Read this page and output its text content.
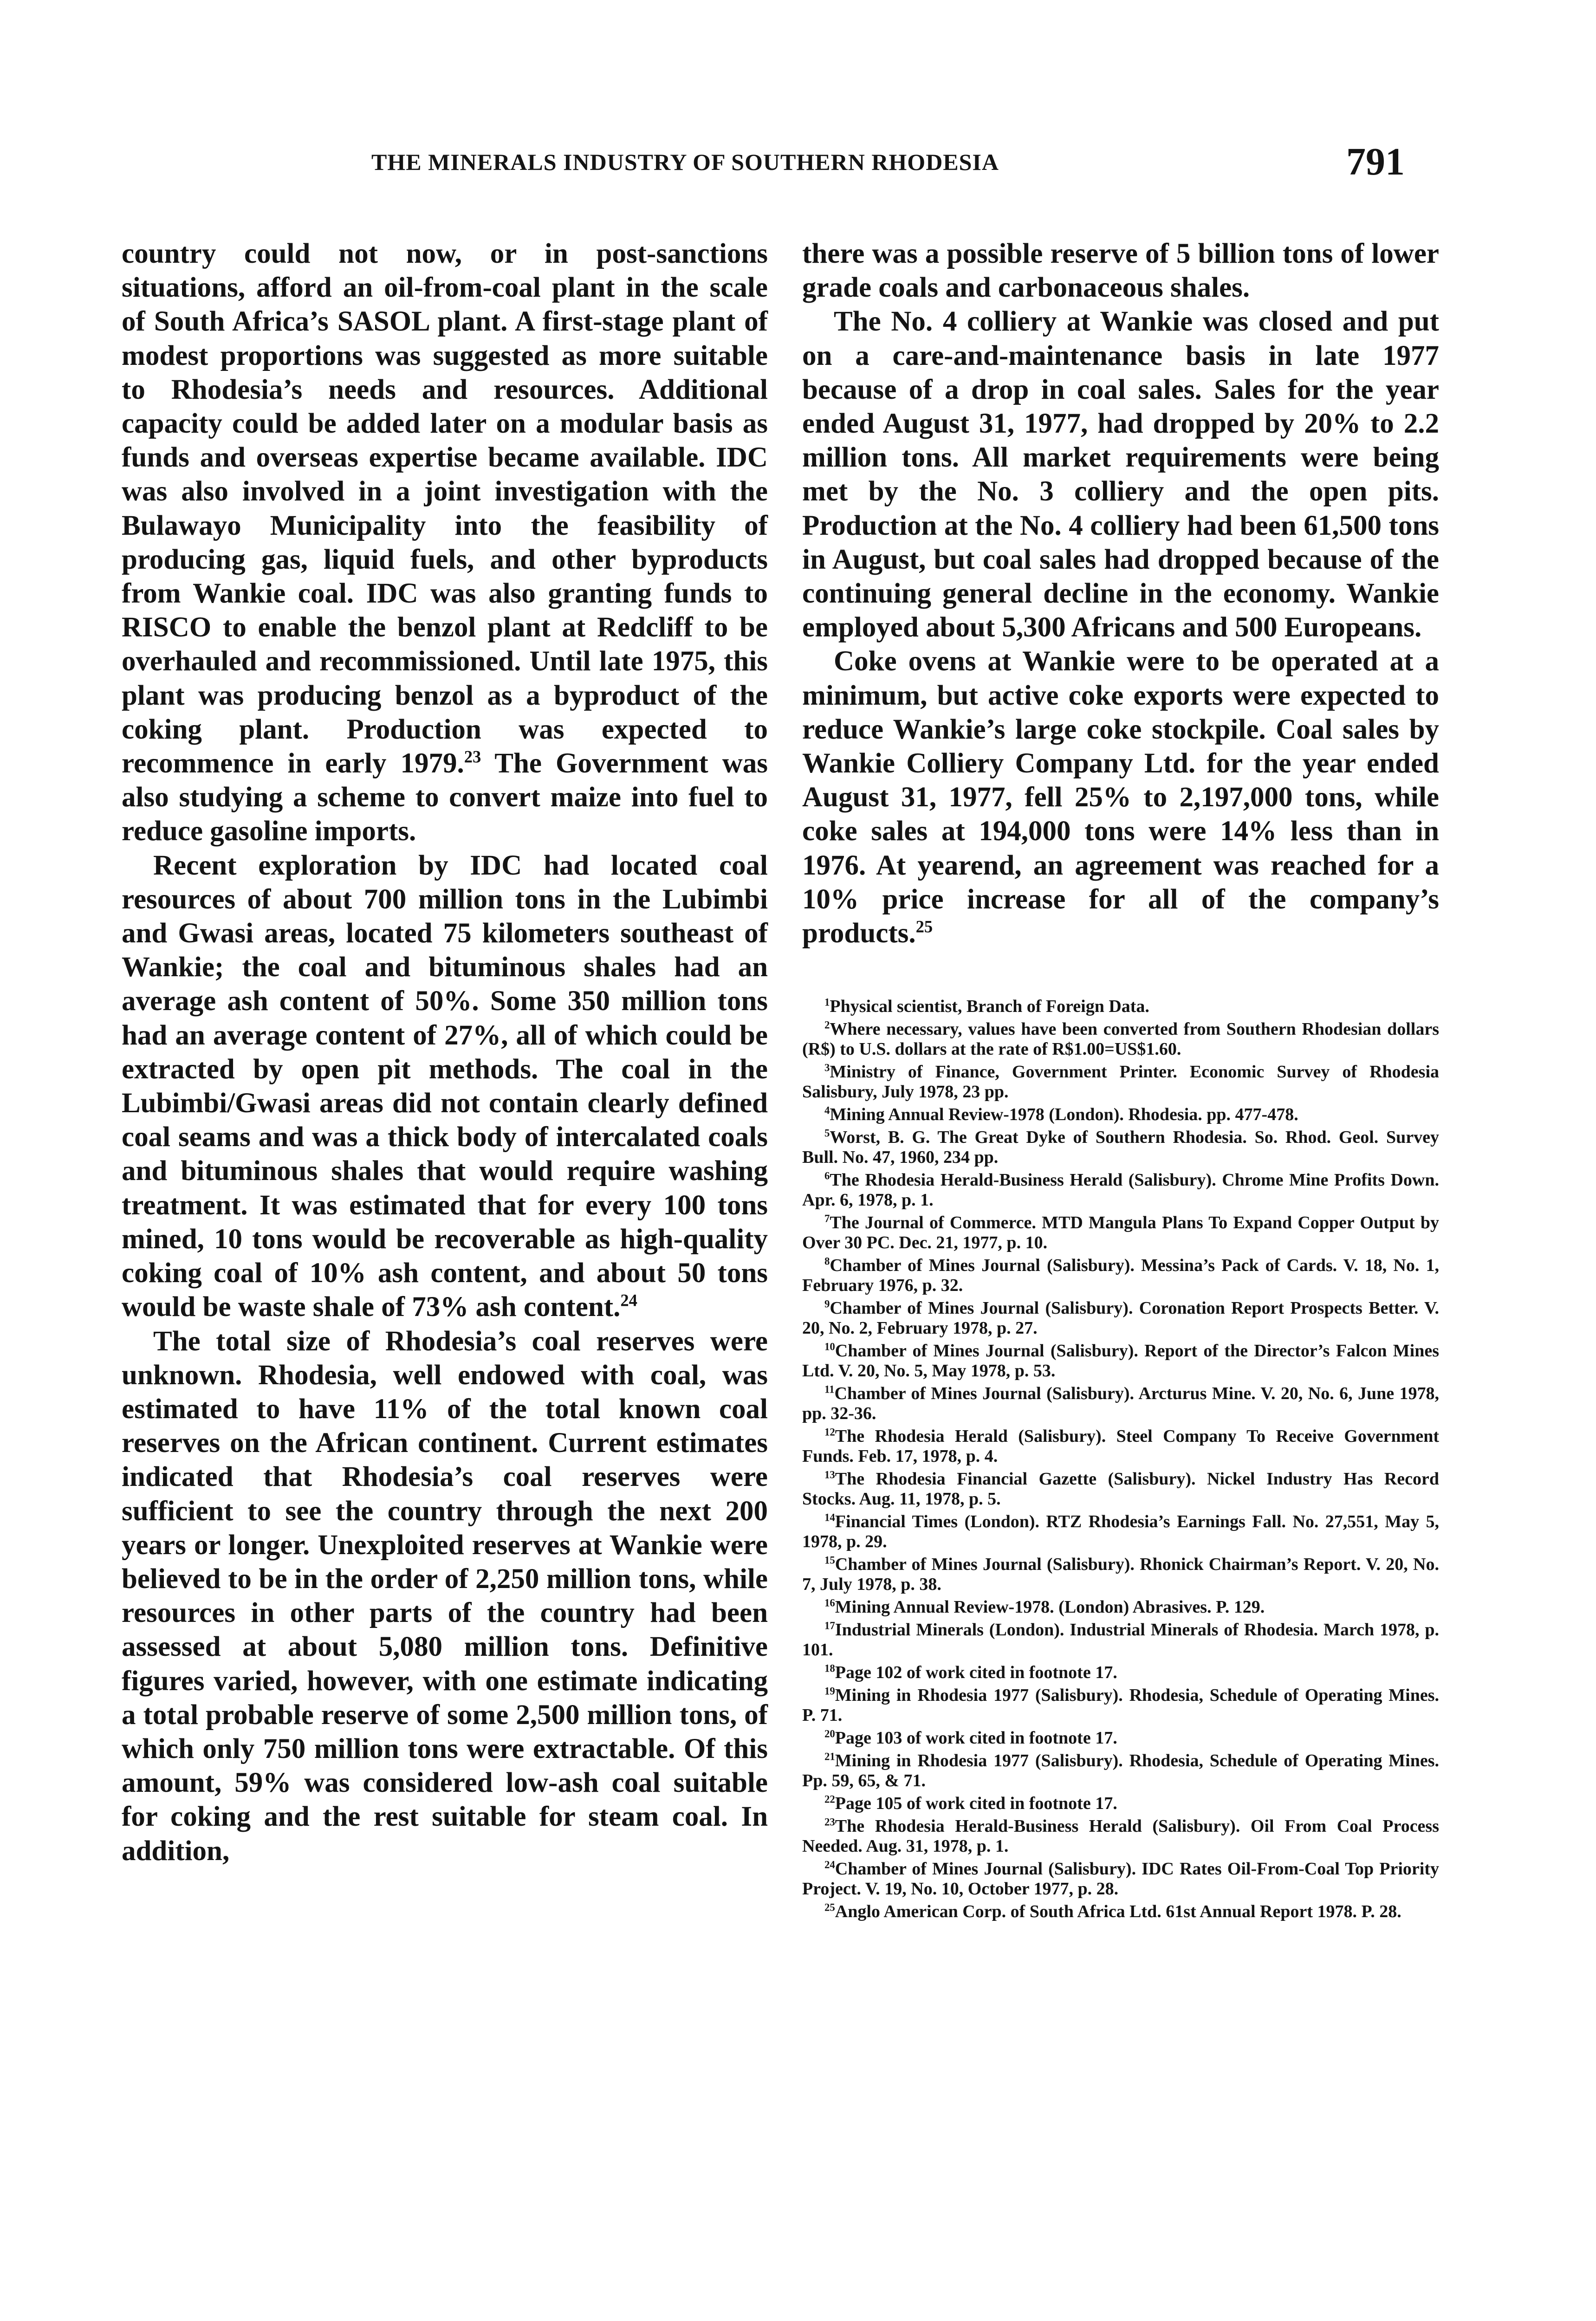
THE MINERALS INDUSTRY OF SOUTHERN RHODESIA	791

country could not now, or in post-sanctions situations, afford an oil-from-coal plant in the scale of South Africa’s SASOL plant. A first-stage plant of modest proportions was suggested as more suitable to Rhodesia’s needs and resources. Additional capacity could be added later on a modular basis as funds and overseas expertise became available. IDC was also involved in a joint investigation with the Bulawayo Municipality into the feasibility of producing gas, liquid fuels, and other byproducts from Wankie coal. IDC was also granting funds to RISCO to enable the benzol plant at Redcliff to be overhauled and recommissioned. Until late 1975, this plant was producing benzol as a byproduct of the coking plant. Production was expected to recommence in early 1979.23 The Government was also studying a scheme to convert maize into fuel to reduce gasoline imports.

Recent exploration by IDC had located coal resources of about 700 million tons in the Lubimbi and Gwasi areas, located 75 kilometers southeast of Wankie; the coal and bituminous shales had an average ash content of 50%. Some 350 million tons had an average content of 27%, all of which could be extracted by open pit methods. The coal in the Lubimbi/Gwasi areas did not contain clearly defined coal seams and was a thick body of intercalated coals and bituminous shales that would require washing treatment. It was estimated that for every 100 tons mined, 10 tons would be recoverable as high-quality coking coal of 10% ash content, and about 50 tons would be waste shale of 73% ash content.$^{24}$

The total size of Rhodesia’s coal reserves were unknown. Rhodesia, well endowed with coal, was estimated to have 11% of the total known coal reserves on the African continent. Current estimates indicated that Rhodesia’s coal reserves were sufficient to see the country through the next 200 years or longer. Unexploited reserves at Wankie were believed to be in the order of 2,250 million tons, while resources in other parts of the country had been assessed at about 5,080 million tons. Definitive figures varied, however, with one estimate indicating a total probable reserve of some 2,500 million tons, of which only 750 million tons were extractable. Of this amount, 59% was considered low-ash coal suitable for coking and the rest suitable for steam coal. In addition,

there was a possible reserve of 5 billion tons of lower grade coals and carbonaceous shales.

The No. 4 colliery at Wankie was closed and put on a care-and-maintenance basis in late 1977 because of a drop in coal sales. Sales for the year ended August 31, 1977, had dropped by 20% to 2.2 million tons. All market requirements were being met by the No. 3 colliery and the open pits. Production at the No. 4 colliery had been 61,500 tons in August, but coal sales had dropped because of the continuing general decline in the economy. Wankie employed about 5,300 Africans and 500 Europeans.

Coke ovens at Wankie were to be operated at a minimum, but active coke exports were expected to reduce Wankie’s large coke stockpile. Coal sales by Wankie Colliery Company Ltd. for the year ended August 31, 1977, fell 25% to 2,197,000 tons, while coke sales at 194,000 tons were 14% less than in 1976. At yearend, an agreement was reached for a 10% price increase for all of the company’s products.$^{25}$

$^1$Physical scientist, Branch of Foreign Data.

$^2$Where necessary, values have been converted from Southern Rhodesian dollars (R$) to U.S. dollars at the rate of R$1.00=US$1.60.

$^3$Ministry of Finance, Government Printer. Economic Survey of Rhodesia Salisbury, July 1978, 23 pp.

$^4$Mining Annual Review-1978 (London). Rhodesia. pp. 477-478.

$^5$Worst, B. G. The Great Dyke of Southern Rhodesia. So. Rhod. Geol. Survey Bull. No. 47, 1960, 234 pp.

$^6$The Rhodesia Herald-Business Herald (Salisbury). Chrome Mine Profits Down. Apr. 6, 1978, p. 1.

$^7$The Journal of Commerce. MTD Mangula Plans To Expand Copper Output by Over 30 PC. Dec. 21, 1977, p. 10.

$^8$Chamber of Mines Journal (Salisbury). Messina’s Pack of Cards. V. 18, No. 1, February 1976, p. 32.

$^9$Chamber of Mines Journal (Salisbury). Coronation Report Prospects Better. V. 20, No. 2, February 1978, p. 27.

$^{10}$Chamber of Mines Journal (Salisbury). Report of the Director’s Falcon Mines Ltd. V. 20, No. 5, May 1978, p. 53.

$^{11}$Chamber of Mines Journal (Salisbury). Arcturus Mine. V. 20, No. 6, June 1978, pp. 32-36.

$^{12}$The Rhodesia Herald (Salisbury). Steel Company To Receive Government Funds. Feb. 17, 1978, p. 4.

$^{13}$The Rhodesia Financial Gazette (Salisbury). Nickel Industry Has Record Stocks. Aug. 11, 1978, p. 5.

$^{14}$Financial Times (London). RTZ Rhodesia’s Earnings Fall. No. 27,551, May 5, 1978, p. 29.

$^{15}$Chamber of Mines Journal (Salisbury). Rhonick Chairman’s Report. V. 20, No. 7, July 1978, p. 38.

$^{16}$Mining Annual Review-1978. (London) Abrasives. P. 129.

$^{17}$Industrial Minerals (London). Industrial Minerals of Rhodesia. March 1978, p. 101.

$^{18}$Page 102 of work cited in footnote 17.

$^{19}$Mining in Rhodesia 1977 (Salisbury). Rhodesia, Schedule of Operating Mines. P. 71.

$^{20}$Page 103 of work cited in footnote 17.

$^{21}$Mining in Rhodesia 1977 (Salisbury). Rhodesia, Schedule of Operating Mines. Pp. 59, 65, & 71.

$^{22}$Page 105 of work cited in footnote 17.

$^{23}$The Rhodesia Herald-Business Herald (Salisbury). Oil From Coal Process Needed. Aug. 31, 1978, p. 1.

$^{24}$Chamber of Mines Journal (Salisbury). IDC Rates Oil-From-Coal Top Priority Project. V. 19, No. 10, October 1977, p. 28.

$^{25}$Anglo American Corp. of South Africa Ltd. 61st Annual Report 1978. P. 28.
